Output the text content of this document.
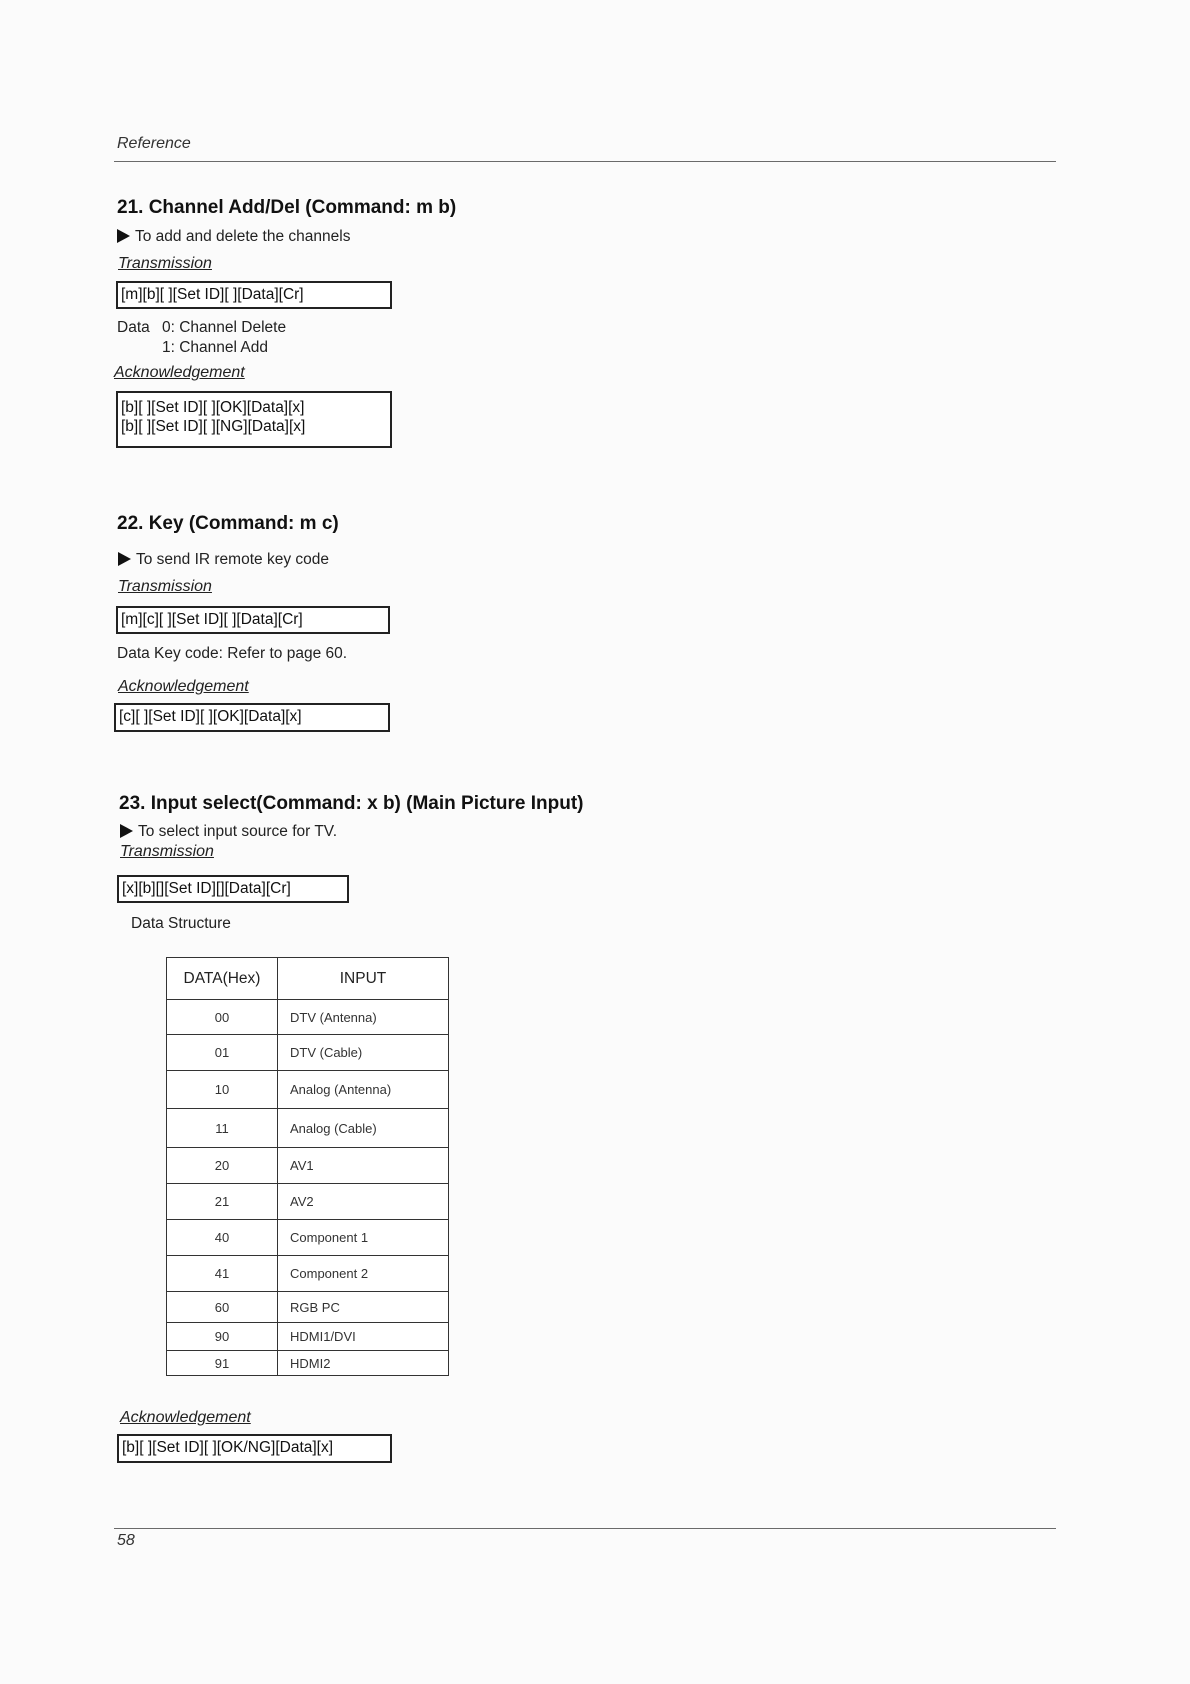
Reference
21. Channel Add/Del (Command: m b)
To add and delete the channels
Transmission
[m][b][ ][Set ID][ ][Data][Cr]
Data 0: Channel Delete
1: Channel Add
Acknowledgement
[b][ ][Set ID][ ][OK][Data][x]
[b][ ][Set ID][ ][NG][Data][x]
22. Key (Command: m c)
To send IR remote key code
Transmission
[m][c][ ][Set ID][ ][Data][Cr]
Data Key code: Refer to page 60.
Acknowledgement
[c][ ][Set ID][ ][OK][Data][x]
23. Input select(Command: x b) (Main Picture Input)
To select input source for TV.
Transmission
[x][b][][Set ID][][Data][Cr]
Data Structure
DATA(Hex)	INPUT
00	DTV (Antenna)
01	DTV (Cable)
10	Analog (Antenna)
11	Analog (Cable)
20	AV1
21	AV2
40	Component 1
41	Component 2
60	RGB PC
90	HDMI1/DVI
91	HDMI2
Acknowledgement
[b][ ][Set ID][ ][OK/NG][Data][x]
58
